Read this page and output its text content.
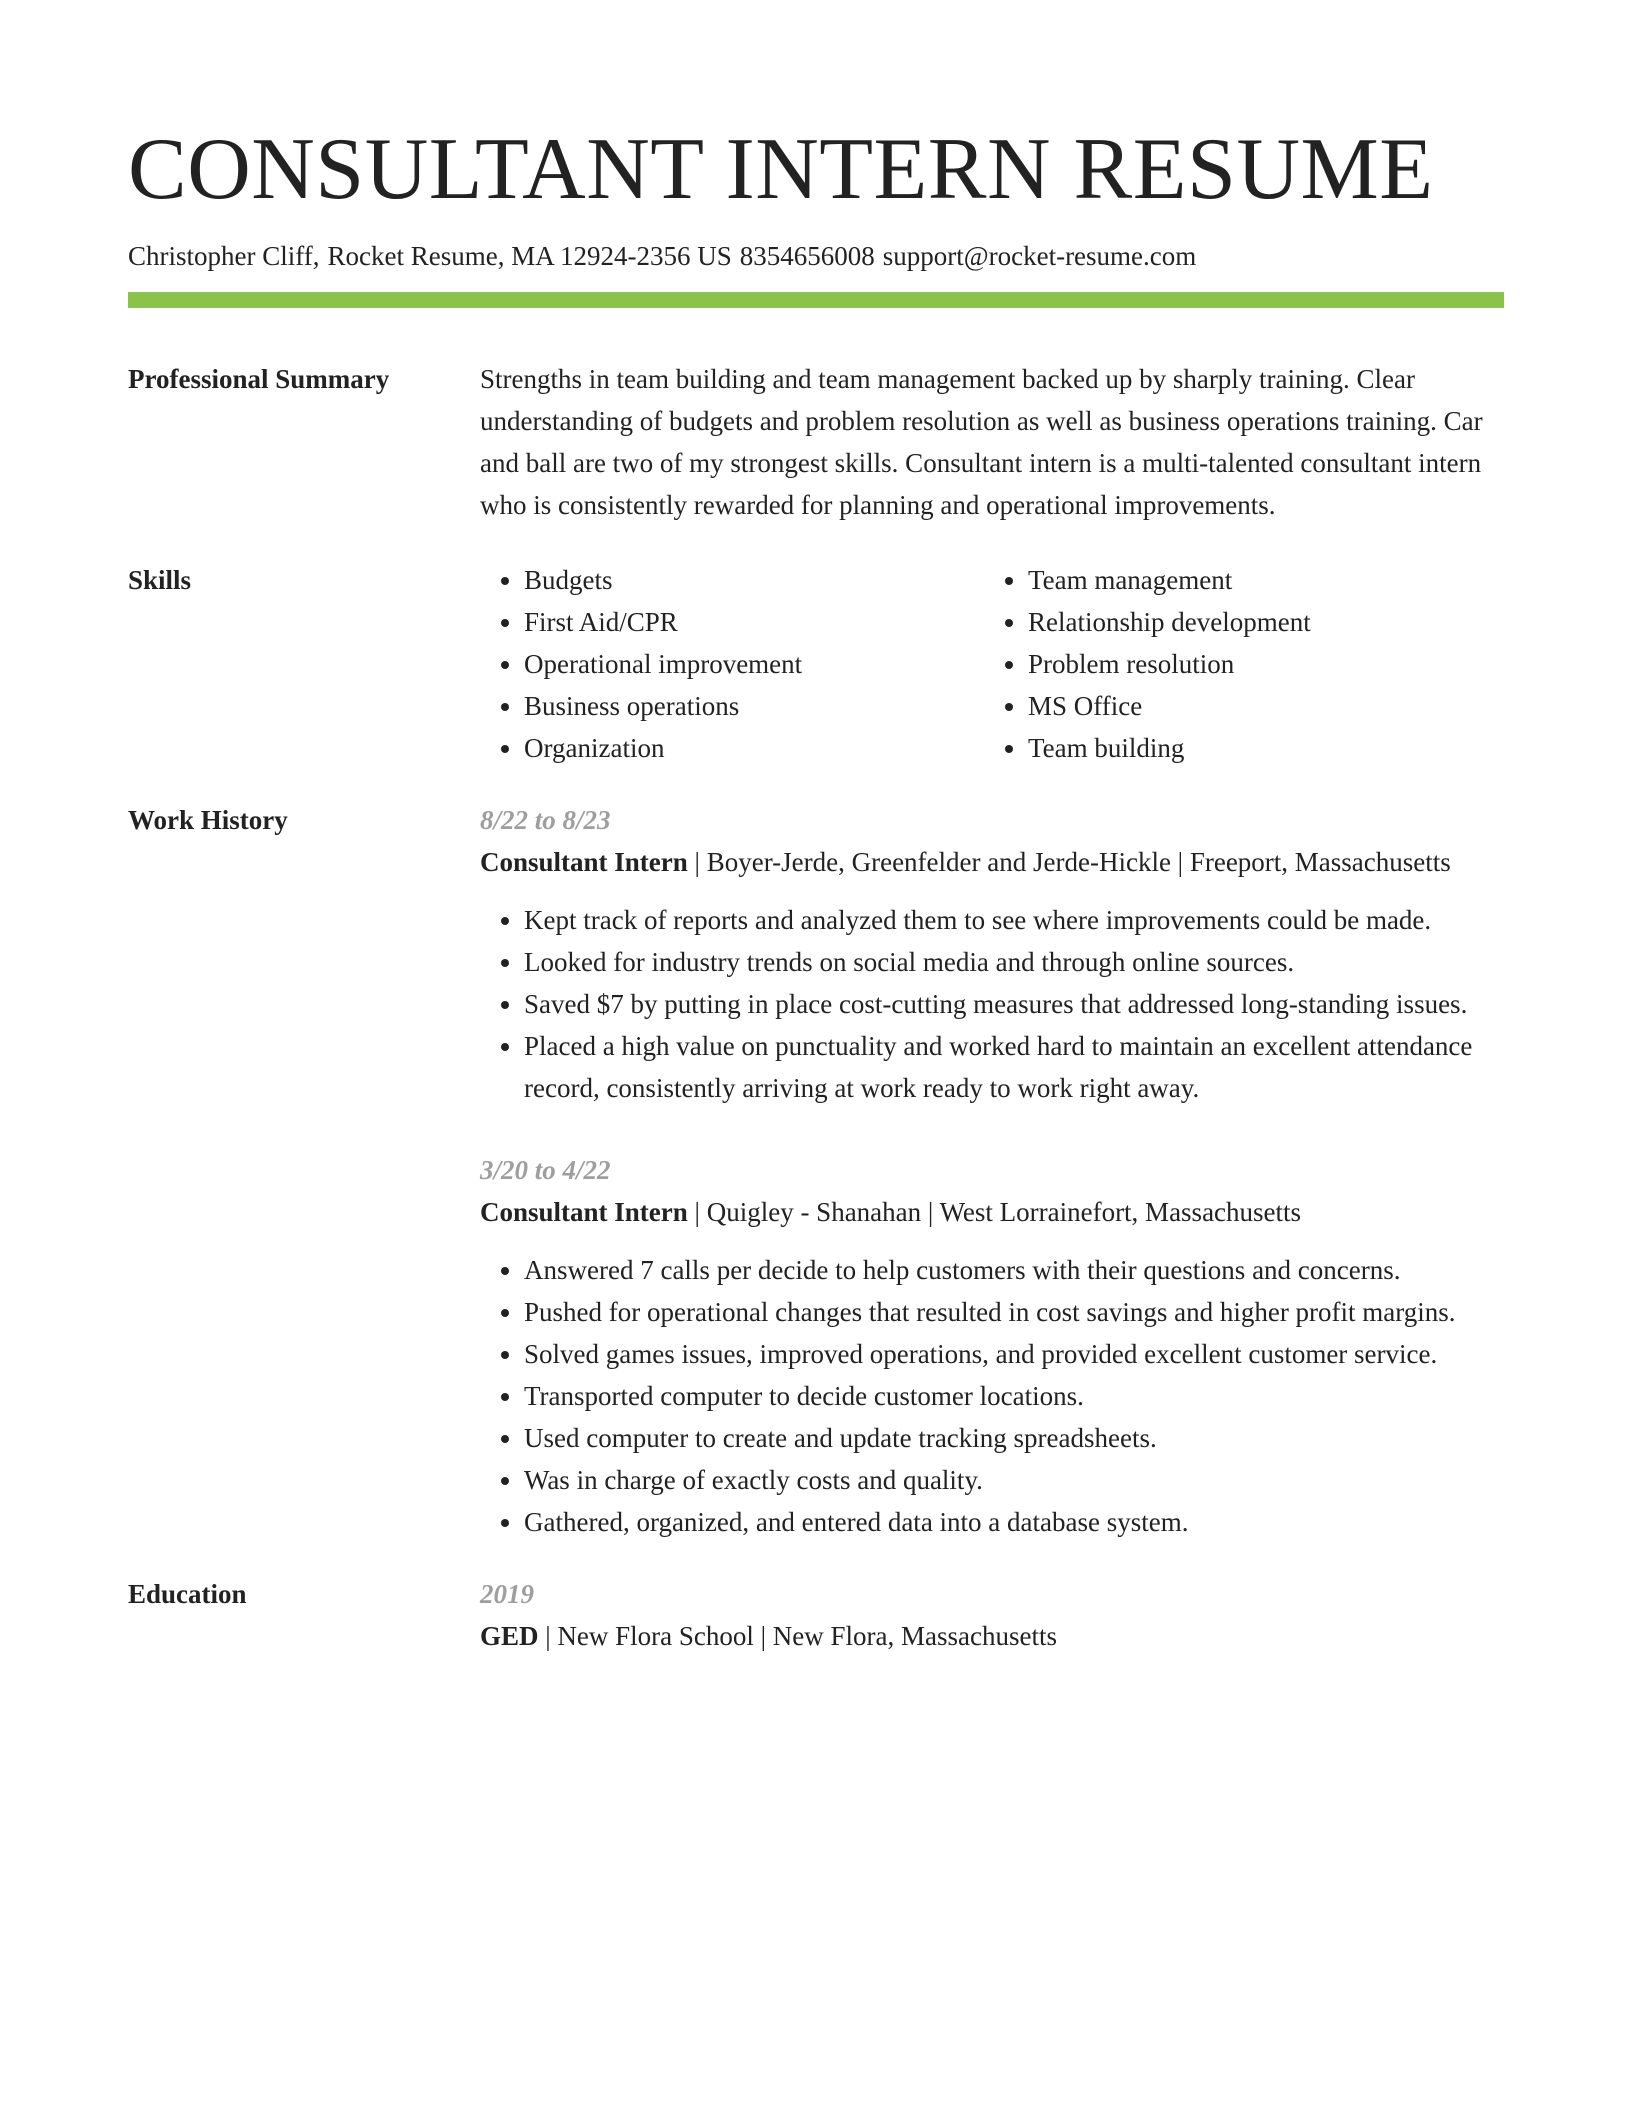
CONSULTANT INTERN RESUME
Christopher Cliff, Rocket Resume, MA 12924-2356 US 8354656008 support@rocket-resume.com
Professional Summary	Strengths in team building and team management backed up by sharply training. Clear understanding of budgets and problem resolution as well as business operations training. Car and ball are two of my strongest skills. Consultant intern is a multi-talented consultant intern who is consistently rewarded for planning and operational improvements.

Skills
•	Budgets
• First Aid/CPR
• Operational improvement
• Business operations
• Organization
• Team management
• Relationship development
• Problem resolution
• MS Office
• Team building
Work History	8/22 to 8/23
Consultant Intern | Boyer-Jerde, Greenfelder and Jerde-Hickle | Freeport, Massachusetts
• Kept track of reports and analyzed them to see where improvements could be made.
• Looked for industry trends on social media and through online sources.
• Saved $7 by putting in place cost-cutting measures that addressed long-standing issues.
• Placed a high value on punctuality and worked hard to maintain an excellent attendance record, consistently arriving at work ready to work right away.
3/20 to 4/22
Consultant Intern | Quigley - Shanahan | West Lorrainefort, Massachusetts
• Answered 7 calls per decide to help customers with their questions and concerns.
• Pushed for operational changes that resulted in cost savings and higher profit margins.
• Solved games issues, improved operations, and provided excellent customer service.
• Transported computer to decide customer locations.
• Used computer to create and update tracking spreadsheets.
• Was in charge of exactly costs and quality.
• Gathered, organized, and entered data into a database system.
Education	2019
GED | New Flora School | New Flora, Massachusetts
